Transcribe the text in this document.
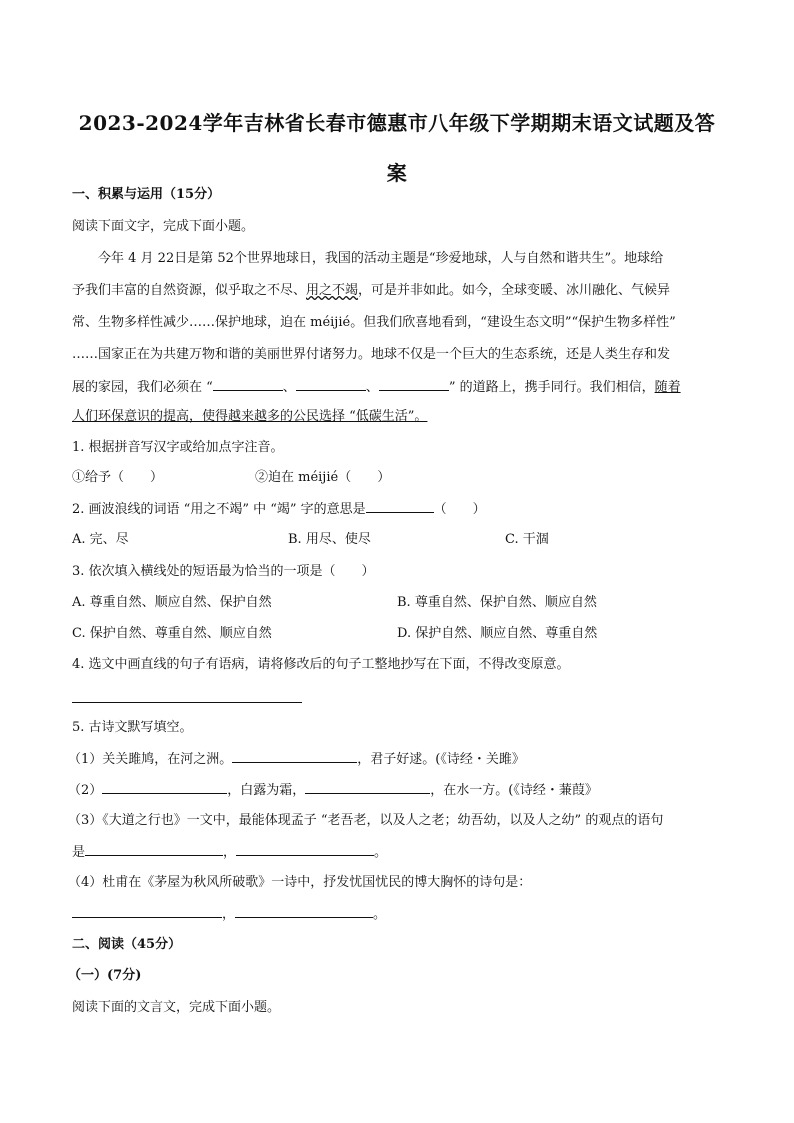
2023-2024学年吉林省长春市德惠市八年级下学期期末语文试题及答
案
一、积累与运用（15分）
阅读下面文字，完成下面小题。
今年 4 月 22日是第 52个世界地球日，我国的活动主题是“珍爱地球，人与自然和谐共生”。地球给
予我们丰富的自然资源，似乎取之不尽、用之不竭，可是并非如此。如今，全球变暖、冰川融化、气候异
常、生物多样性减少……保护地球，迫在 méijié。但我们欣喜地看到，“建设生态文明”“保护生物多样性”
……国家正在为共建万物和谐的美丽世界付诸努力。地球不仅是一个巨大的生态系统，还是人类生存和发
展的家园，我们必须在 “	、	、	” 的道路上，携手同行。我们相信，随着
人们环保意识的提高，使得越来越多的公民选择 “低碳生活”。
1. 根据拼音写汉字或给加点字注音。
①给予（　　）	②迫在 méijié（　　）
2. 画波浪线的词语 “用之不竭” 中 “竭” 字的意思是	（　　）
A. 完、尽	B. 用尽、使尽	C. 干涸
3. 依次填入横线处的短语最为恰当的一项是（　　）
A. 尊重自然、顺应自然、保护自然	B. 尊重自然、保护自然、顺应自然
C. 保护自然、尊重自然、顺应自然	D. 保护自然、顺应自然、尊重自然
4. 选文中画直线的句子有语病，请将修改后的句子工整地抄写在下面，不得改变原意。
5. 古诗文默写填空。
（1）关关雎鸠，在河之洲。	，君子好逑。(《诗经・关雎》
（2）	，白露为霜，	，在水一方。(《诗经・蒹葭》
（3）《大道之行也》一文中，最能体现孟子 “老吾老，以及人之老；幼吾幼，以及人之幼” 的观点的语句
是	，	。
（4）杜甫在《茅屋为秋风所破歌》一诗中，抒发忧国忧民的博大胸怀的诗句是：
，	。
二、阅读（45分）
（一）(7分)
阅读下面的文言文，完成下面小题。
